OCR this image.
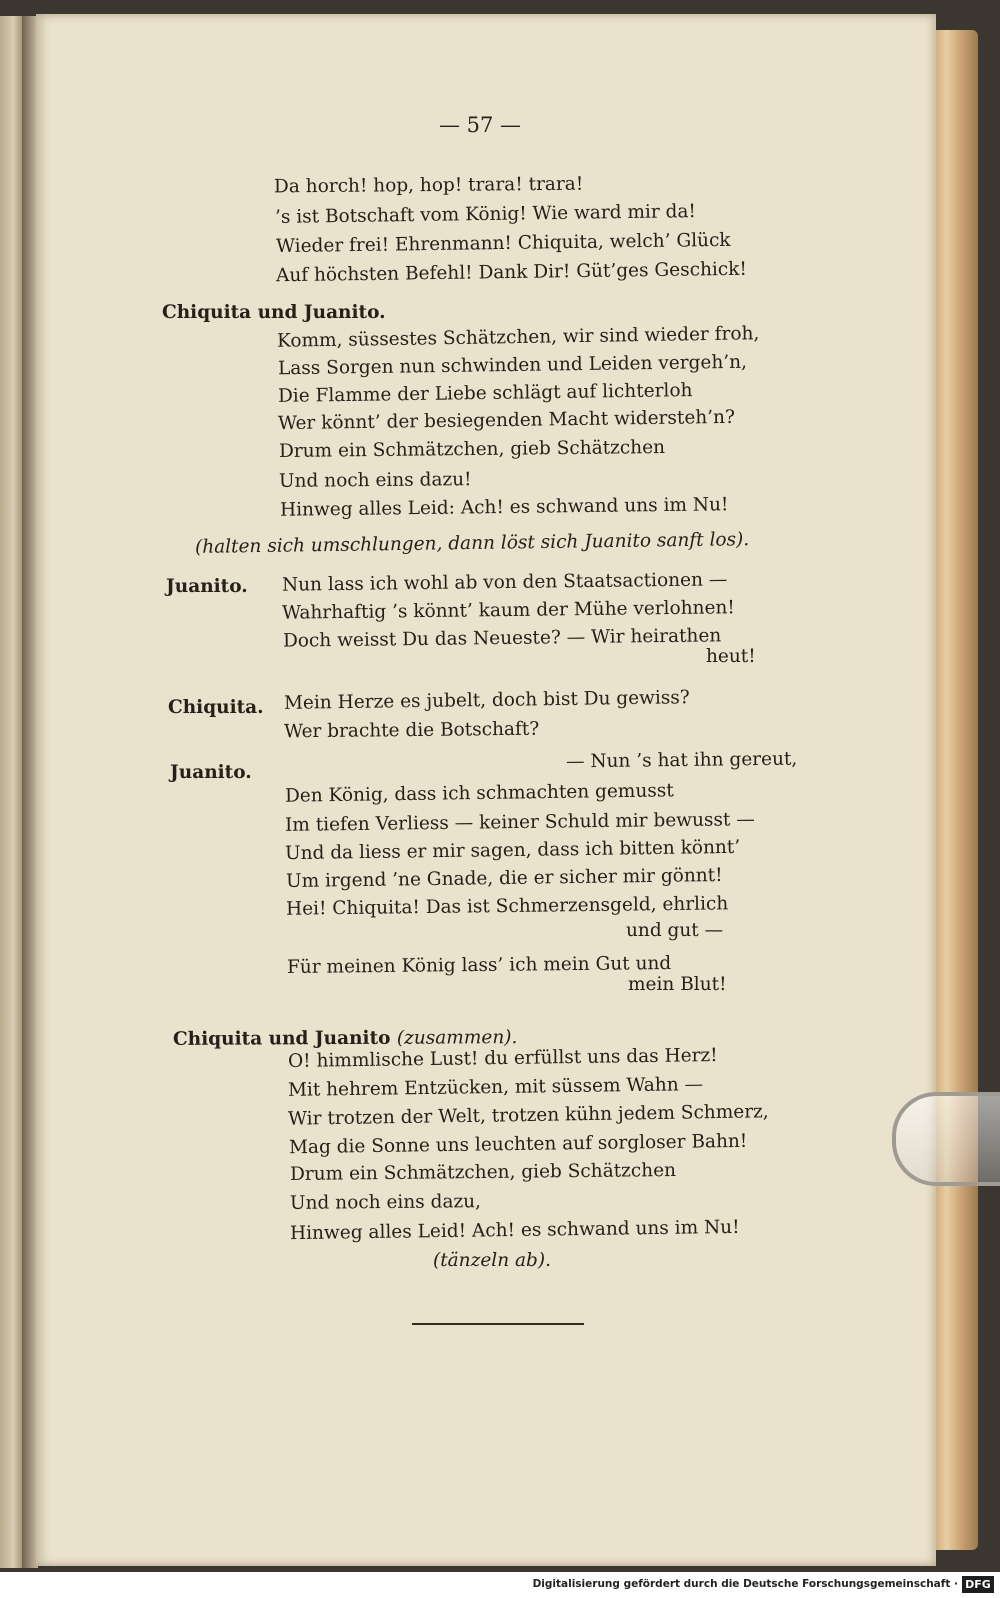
— 57 —
Da horch! hop, hop! trara! trara!
’s ist Botschaft vom König! Wie ward mir da!
Wieder frei! Ehrenmann! Chiquita, welch’ Glück
Auf höchsten Befehl! Dank Dir! Güt’ges Geschick!
Chiquita und Juanito.
Komm, süssestes Schätzchen, wir sind wieder froh,
Lass Sorgen nun schwinden und Leiden vergeh’n,
Die Flamme der Liebe schlägt auf lichterloh
Wer könnt’ der besiegenden Macht widersteh’n?
Drum ein Schmätzchen, gieb Schätzchen
Und noch eins dazu!
Hinweg alles Leid: Ach! es schwand uns im Nu!
(halten sich umschlungen, dann löst sich Juanito sanft los).
Juanito. Nun lass ich wohl ab von den Staatsactionen —
Wahrhaftig ’s könnt’ kaum der Mühe verlohnen!
Doch weisst Du das Neueste? — Wir heirathen
heut!
Chiquita. Mein Herze es jubelt, doch bist Du gewiss?
Wer brachte die Botschaft?
Juanito.
— Nun ’s hat ihn gereut,
Den König, dass ich schmachten gemusst
Im tiefen Verliess — keiner Schuld mir bewusst —
Und da liess er mir sagen, dass ich bitten könnt’
Um irgend ’ne Gnade, die er sicher mir gönnt!
Hei! Chiquita! Das ist Schmerzensgeld, ehrlich
und gut —
Für meinen König lass’ ich mein Gut und
mein Blut!
Chiquita und Juanito (zusammen).
O! himmlische Lust! du erfüllst uns das Herz!
Mit hehrem Entzücken, mit süssem Wahn —
Wir trotzen der Welt, trotzen kühn jedem Schmerz,
Mag die Sonne uns leuchten auf sorgloser Bahn!
Drum ein Schmätzchen, gieb Schätzchen
Und noch eins dazu,
Hinweg alles Leid! Ach! es schwand uns im Nu!
(tänzeln ab).
Digitalisierung gefördert durch die Deutsche Forschungsgemeinschaft · DFG
